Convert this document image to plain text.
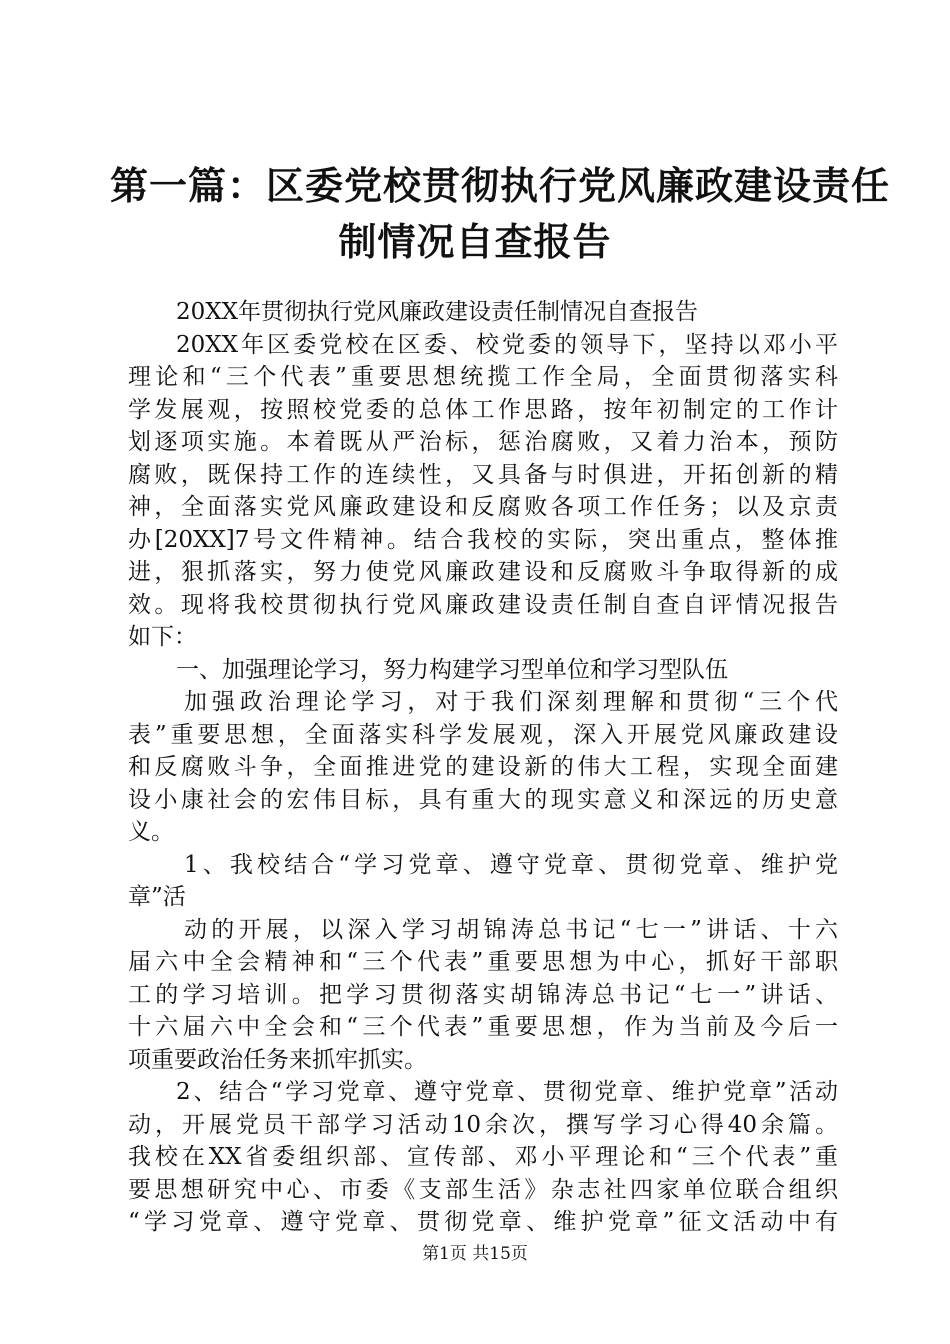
第一篇：区委党校贯彻执行党风廉政建设责任
制情况自查报告
20XX年贯彻执行党风廉政建设责任制情况自查报告
20XX年区委党校在区委、校党委的领导下，坚持以邓小平
理论和“三个代表”重要思想统揽工作全局，全面贯彻落实科
学发展观，按照校党委的总体工作思路，按年初制定的工作计
划逐项实施。本着既从严治标，惩治腐败，又着力治本，预防
腐败，既保持工作的连续性，又具备与时俱进，开拓创新的精
神，全面落实党风廉政建设和反腐败各项工作任务；以及京责
办[20XX]7号文件精神。结合我校的实际，突出重点，整体推
进，狠抓落实，努力使党风廉政建设和反腐败斗争取得新的成
效。现将我校贯彻执行党风廉政建设责任制自查自评情况报告
如下：
一、加强理论学习，努力构建学习型单位和学习型队伍
加强政治理论学习，对于我们深刻理解和贯彻“三个代
表”重要思想，全面落实科学发展观，深入开展党风廉政建设
和反腐败斗争，全面推进党的建设新的伟大工程，实现全面建
设小康社会的宏伟目标，具有重大的现实意义和深远的历史意
义。
1、我校结合“学习党章、遵守党章、贯彻党章、维护党
章”活
动的开展，以深入学习胡锦涛总书记“七一”讲话、十六
届六中全会精神和“三个代表”重要思想为中心，抓好干部职
工的学习培训。把学习贯彻落实胡锦涛总书记“七一”讲话、
十六届六中全会和“三个代表”重要思想，作为当前及今后一
项重要政治任务来抓牢抓实。
2、结合“学习党章、遵守党章、贯彻党章、维护党章”活动
动，开展党员干部学习活动10余次，撰写学习心得40余篇。
我校在XX省委组织部、宣传部、邓小平理论和“三个代表”重
要思想研究中心、市委《支部生活》杂志社四家单位联合组织
“学习党章、遵守党章、贯彻党章、维护党章”征文活动中有
第1页 共15页
